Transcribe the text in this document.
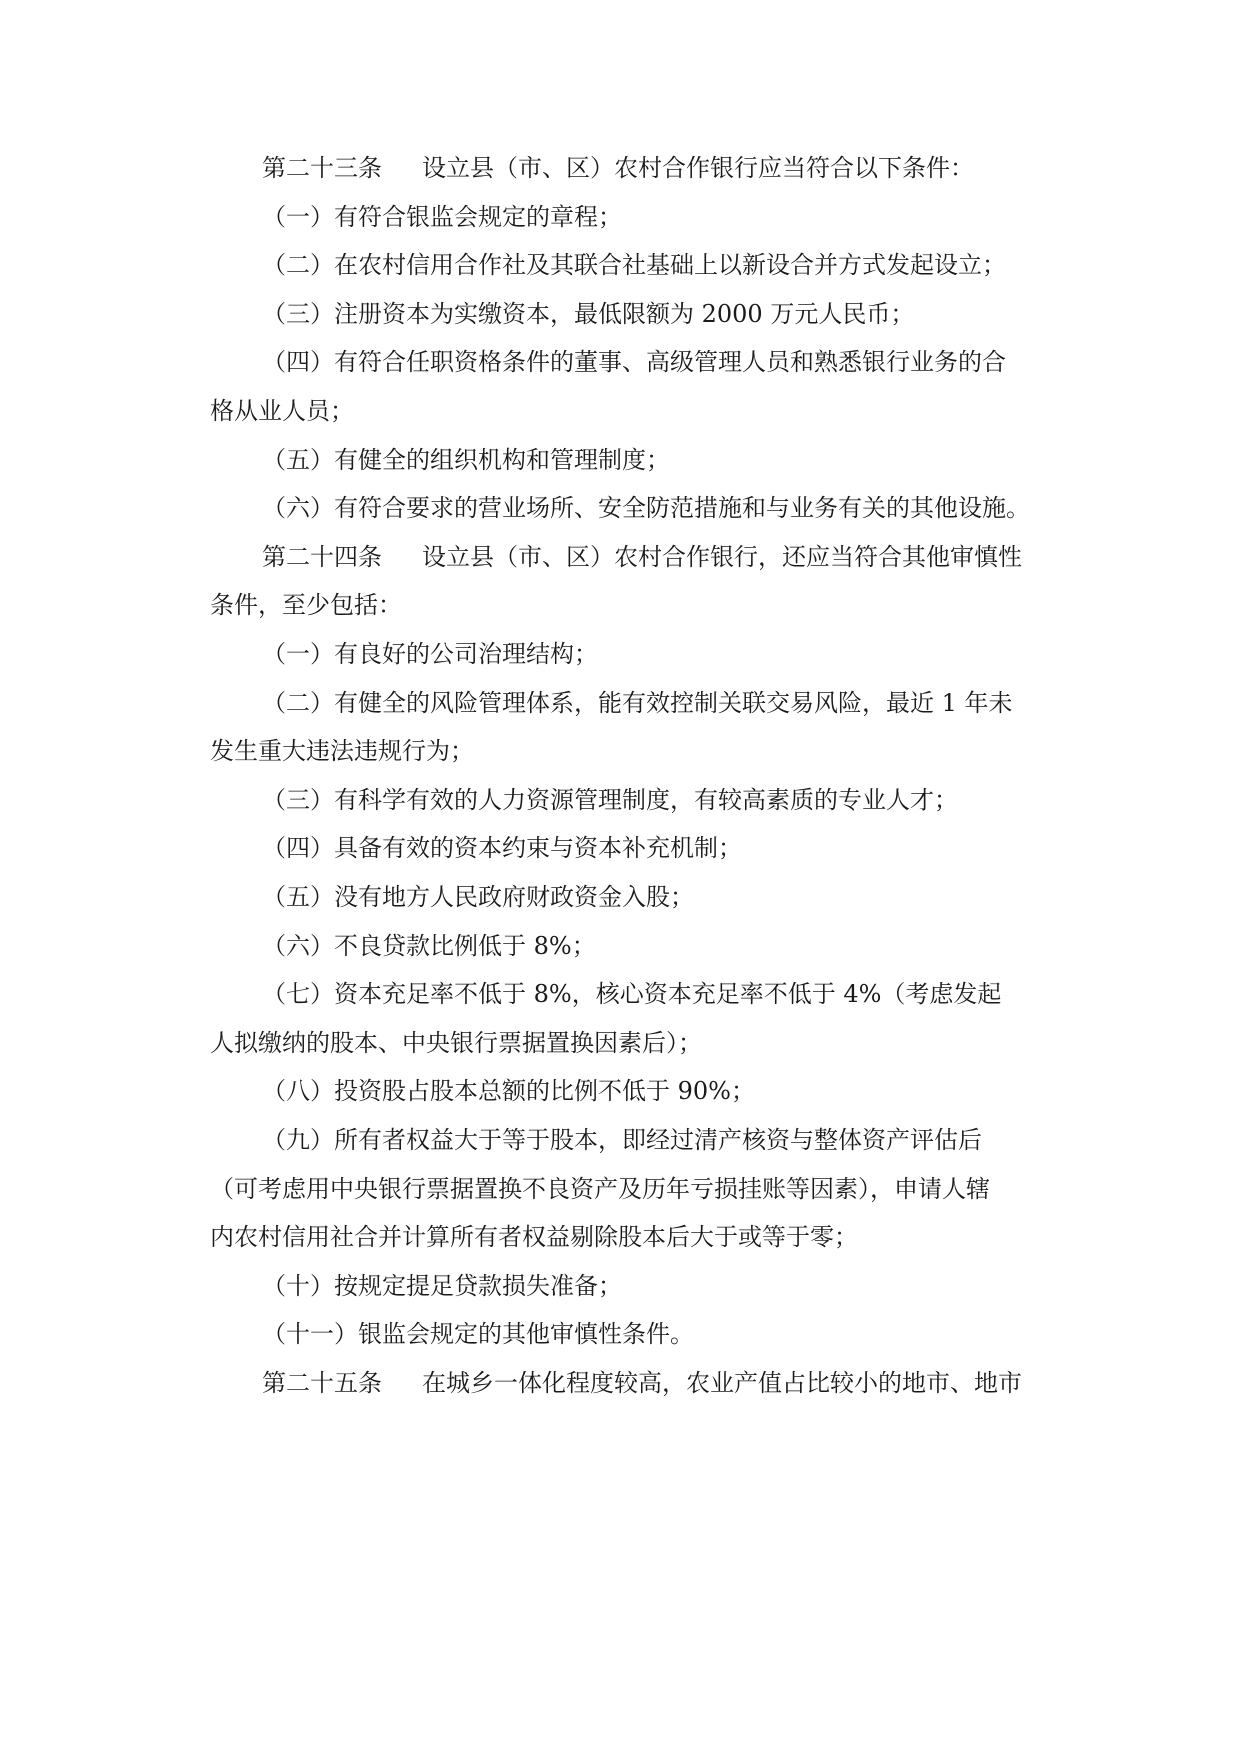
第二十三条 设立县（市、区）农村合作银行应当符合以下条件：
（一）有符合银监会规定的章程；
（二）在农村信用合作社及其联合社基础上以新设合并方式发起设立；
（三）注册资本为实缴资本，最低限额为 2000 万元人民币；
（四）有符合任职资格条件的董事、高级管理人员和熟悉银行业务的合
格从业人员；
（五）有健全的组织机构和管理制度；
（六）有符合要求的营业场所、安全防范措施和与业务有关的其他设施。
第二十四条 设立县（市、区）农村合作银行，还应当符合其他审慎性
条件，至少包括：
（一）有良好的公司治理结构；
（二）有健全的风险管理体系，能有效控制关联交易风险，最近 1 年未
发生重大违法违规行为；
（三）有科学有效的人力资源管理制度，有较高素质的专业人才；
（四）具备有效的资本约束与资本补充机制；
（五）没有地方人民政府财政资金入股；
（六）不良贷款比例低于 8%；
（七）资本充足率不低于 8%，核心资本充足率不低于 4%（考虑发起
人拟缴纳的股本、中央银行票据置换因素后）；
（八）投资股占股本总额的比例不低于 90%；
（九）所有者权益大于等于股本，即经过清产核资与整体资产评估后
（可考虑用中央银行票据置换不良资产及历年亏损挂账等因素），申请人辖
内农村信用社合并计算所有者权益剔除股本后大于或等于零；
（十）按规定提足贷款损失准备；
（十一）银监会规定的其他审慎性条件。
第二十五条 在城乡一体化程度较高，农业产值占比较小的地市、地市
